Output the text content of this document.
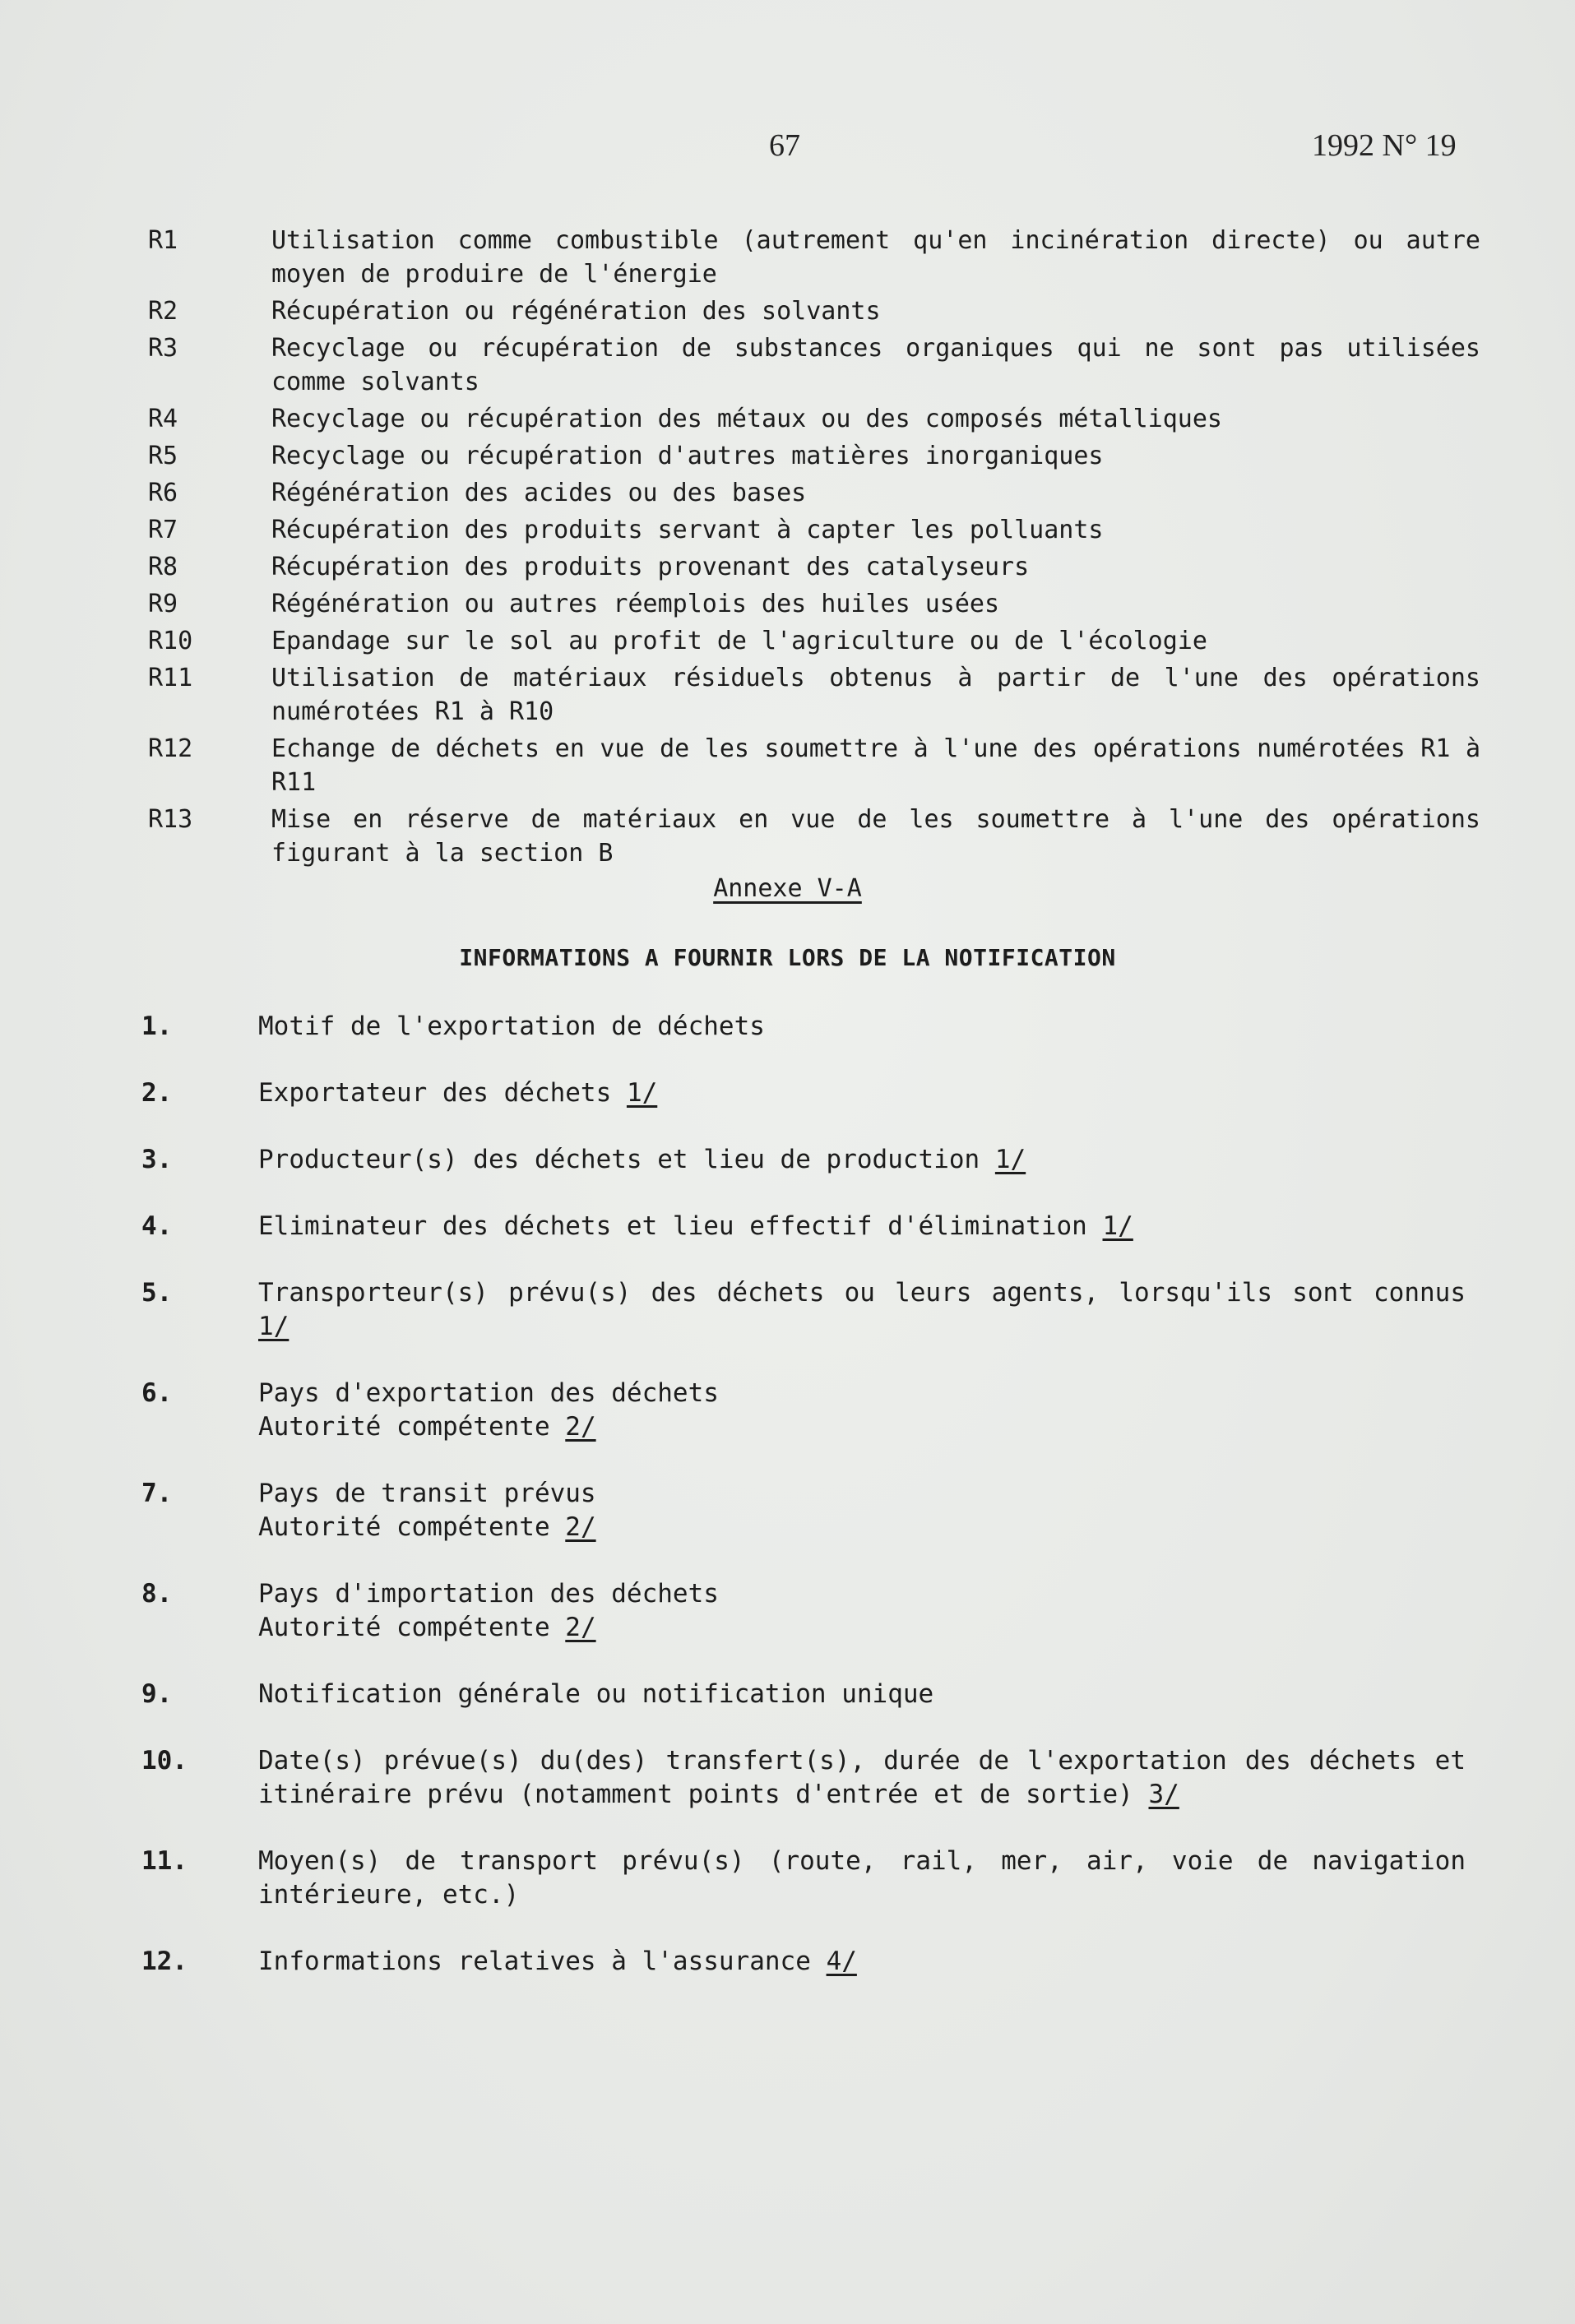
67	1992 N° 19
R1	Utilisation comme combustible (autrement qu'en incinération directe) ou autre moyen de produire de l'énergie
R2	Récupération ou régénération des solvants
R3	Recyclage ou récupération de substances organiques qui ne sont pas utilisées comme solvants
R4	Recyclage ou récupération des métaux ou des composés métalliques
R5	Recyclage ou récupération d'autres matières inorganiques
R6	Régénération des acides ou des bases
R7	Récupération des produits servant à capter les polluants
R8	Récupération des produits provenant des catalyseurs
R9	Régénération ou autres réemplois des huiles usées
R10	Epandage sur le sol au profit de l'agriculture ou de l'écologie
R11	Utilisation de matériaux résiduels obtenus à partir de l'une des opérations numérotées R1 à R10
R12	Echange de déchets en vue de les soumettre à l'une des opérations numérotées R1 à R11
R13	Mise en réserve de matériaux en vue de les soumettre à l'une des opérations figurant à la section B
Annexe V-A
INFORMATIONS A FOURNIR LORS DE LA NOTIFICATION
1.	Motif de l'exportation de déchets
2.	Exportateur des déchets 1/
3.	Producteur(s) des déchets et lieu de production 1/
4.	Eliminateur des déchets et lieu effectif d'élimination 1/
5.	Transporteur(s) prévu(s) des déchets ou leurs agents, lorsqu'ils sont connus 1/
6.	Pays d'exportation des déchets
Autorité compétente 2/
7.	Pays de transit prévus
Autorité compétente 2/
8.	Pays d'importation des déchets
Autorité compétente 2/
9.	Notification générale ou notification unique
10.	Date(s) prévue(s) du(des) transfert(s), durée de l'exportation des déchets et itinéraire prévu (notamment points d'entrée et de sortie) 3/
11.	Moyen(s) de transport prévu(s) (route, rail, mer, air, voie de navigation intérieure, etc.)
12.	Informations relatives à l'assurance 4/
